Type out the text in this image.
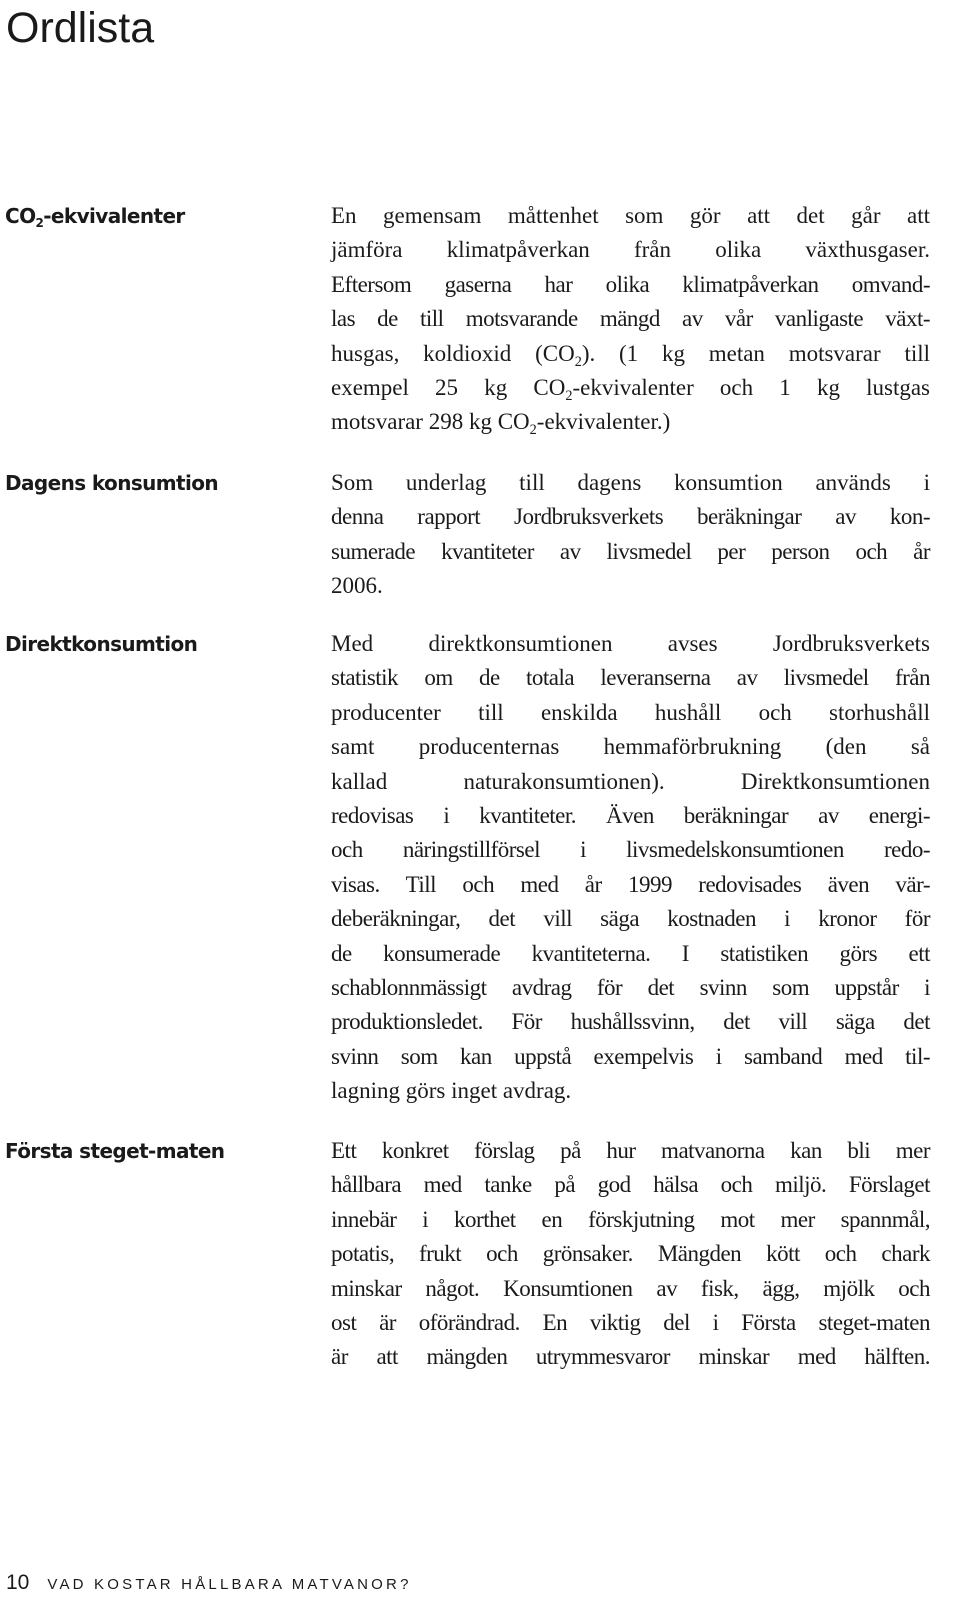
Ordlista
$CO_2$-ekvivalenter	En gemensam måttenhet som gör att det går att
jämföra klimatpåverkan från olika växthusgaser.
Eftersom gaserna har olika klimatpåverkan omvand-
las de till motsvarande mängd av vår vanligaste växt-
husgas, koldioxid $(CO_2)$. (1 kg metan motsvarar till
exempel 25 kg $CO_2$-ekvivalenter och 1 kg lustgas
motsvarar 298 kg $CO_2-ekvivalenter$.)
Dagens konsumtion	Som underlag till dagens konsumtion används i
denna rapport Jordbruksverkets beräkningar av kon-
sumerade kvantiteter av livsmedel per person och år
2006.
Direktkonsumtion	Med direktkonsumtionen avses Jordbruksverkets
statistik om de totala leveranserna av livsmedel från
producenter till enskilda hushåll och storhushåll
samt producenternas hemmaförbrukning (den så
kallad naturakonsumtionen). Direktkonsumtionen
redovisas i kvantiteter. Även beräkningar av energi-
och näringstillförsel i livsmedelskonsumtionen redo-
visas. Till och med år 1999 redovisades även vär-
deberäkningar, det vill säga kostnaden i kronor för
de konsumerade kvantiteterna. I statistiken görs ett
schablonnmässigt avdrag för det svinn som uppstår i
produktionsledet. För hushållssvinn, det vill säga det
svinn som kan uppstå exempelvis i samband med til-
lagning görs inget avdrag.
Första steget-maten	Ett konkret förslag på hur matvanorna kan bli mer
hållbara med tanke på god hälsa och miljö. Förslaget
innebär i korthet en förskjutning mot mer spannmål,
potatis, frukt och grönsaker. Mängden kött och chark
minskar något. Konsumtionen av fisk, ägg, mjölk och
ost är oförändrad. En viktig del i Första steget-maten
är att mängden utrymmesvaror minskar med hälften.
10 VAD KOSTAR HÅLLBARA MATVANOR?
